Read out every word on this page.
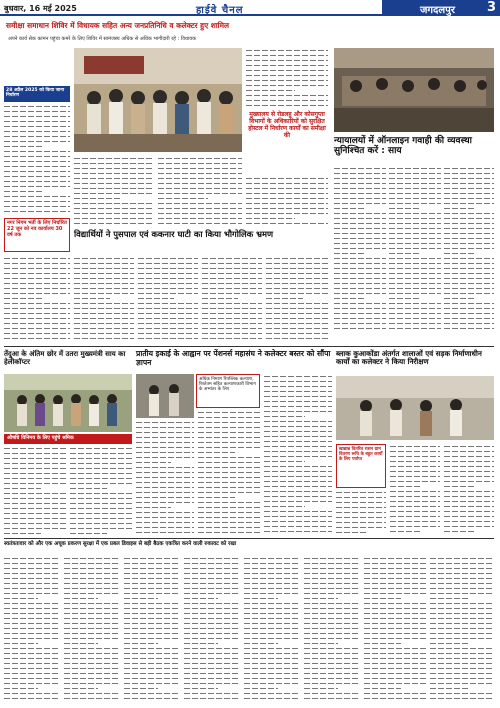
बुधवार, 16 मई 2025	हाईवे चैनल	जगदलपुर 3
समीक्षा समाधान शिविर में विधायक सहित अन्य जनप्रतिनिधि व कलेक्टर हुए शामिल
अपने कार्य सेक कामन पहुंचा कमरे के लिए शिविर में सामंजस्य अधिक से अधिक भागीदारी रहे : विधायक
28 अप्रैल 2025 को किया जाना निर्धारण
नगर निगम भर्ती के लिए निर्धारित 22 जून को नव कार्यालय 30 वर्ष तक
मुख्यालय से रोडलहु और कोसगुप्ता विभागों के अधिकारियों को सुरक्षित होस्टल में निर्धारण कार्यों का समीक्षा की
न्यायालयों में ऑनलाइन गवाही की व्यवस्था सुनिश्चित करें : साय
विद्यार्थियों ने पुसपाल एवं ककनार घाटी का किया भौगोलिक भ्रमण
तेंदुआ के अंतिम छोर में उतरा मुख्यमंत्री साय का हेलीकॉप्टर
औषधि विनिमय के लिए पहुंचे श्रमिक
प्रातीय इकाई के आह्वान पर पेंशनर्स महासंघ ने कलेक्टर बस्तर को सौंपा ज्ञापन
अधिक निमाण रिपब्लिक कल्याण, रिश्तेतम सहित कल्याणकारी विभाग के अभ्यंतर के लिए
ब्लाक कुआकोंडा अंतर्गत शालाओं एवं सड़क निर्माणाधीन कार्यों का कलेक्टर ने किया निरीक्षण
खाद्यान्न वितरित राशन ग्राम वितरण रूचि के बहुत कार्यों के लिए पर्याप्त
स्वतंत्रतावार को और एक अचूक प्रकरण सुरक्षा में एक प्रबल डिवाइस से बड़ी बैठक एकत्रित करने वाली रुकावट को रखा
